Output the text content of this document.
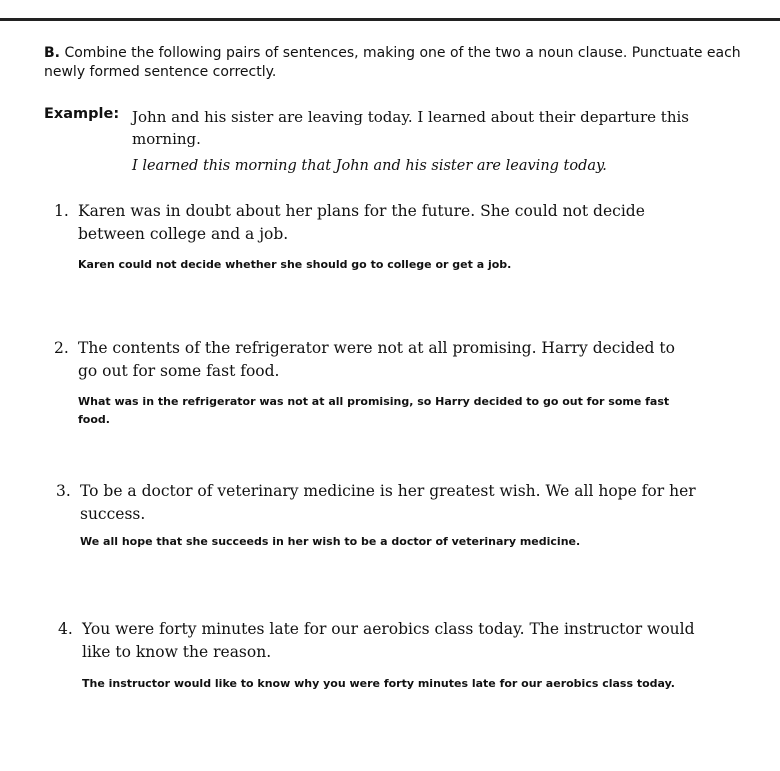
B. Combine the following pairs of sentences, making one of the two a noun clause. Punctuate each newly formed sentence correctly.
Example: John and his sister are leaving today. I learned about their departure this morning.
I learned this morning that John and his sister are leaving today.
1. Karen was in doubt about her plans for the future. She could not decide between college and a job.
Karen could not decide whether she should go to college or get a job.
2. The contents of the refrigerator were not at all promising. Harry decided to go out for some fast food.
What was in the refrigerator was not at all promising, so Harry decided to go out for some fast food.
3. To be a doctor of veterinary medicine is her greatest wish. We all hope for her success.
We all hope that she succeeds in her wish to be a doctor of veterinary medicine.
4. You were forty minutes late for our aerobics class today. The instructor would like to know the reason.
The instructor would like to know why you were forty minutes late for our aerobics class today.
